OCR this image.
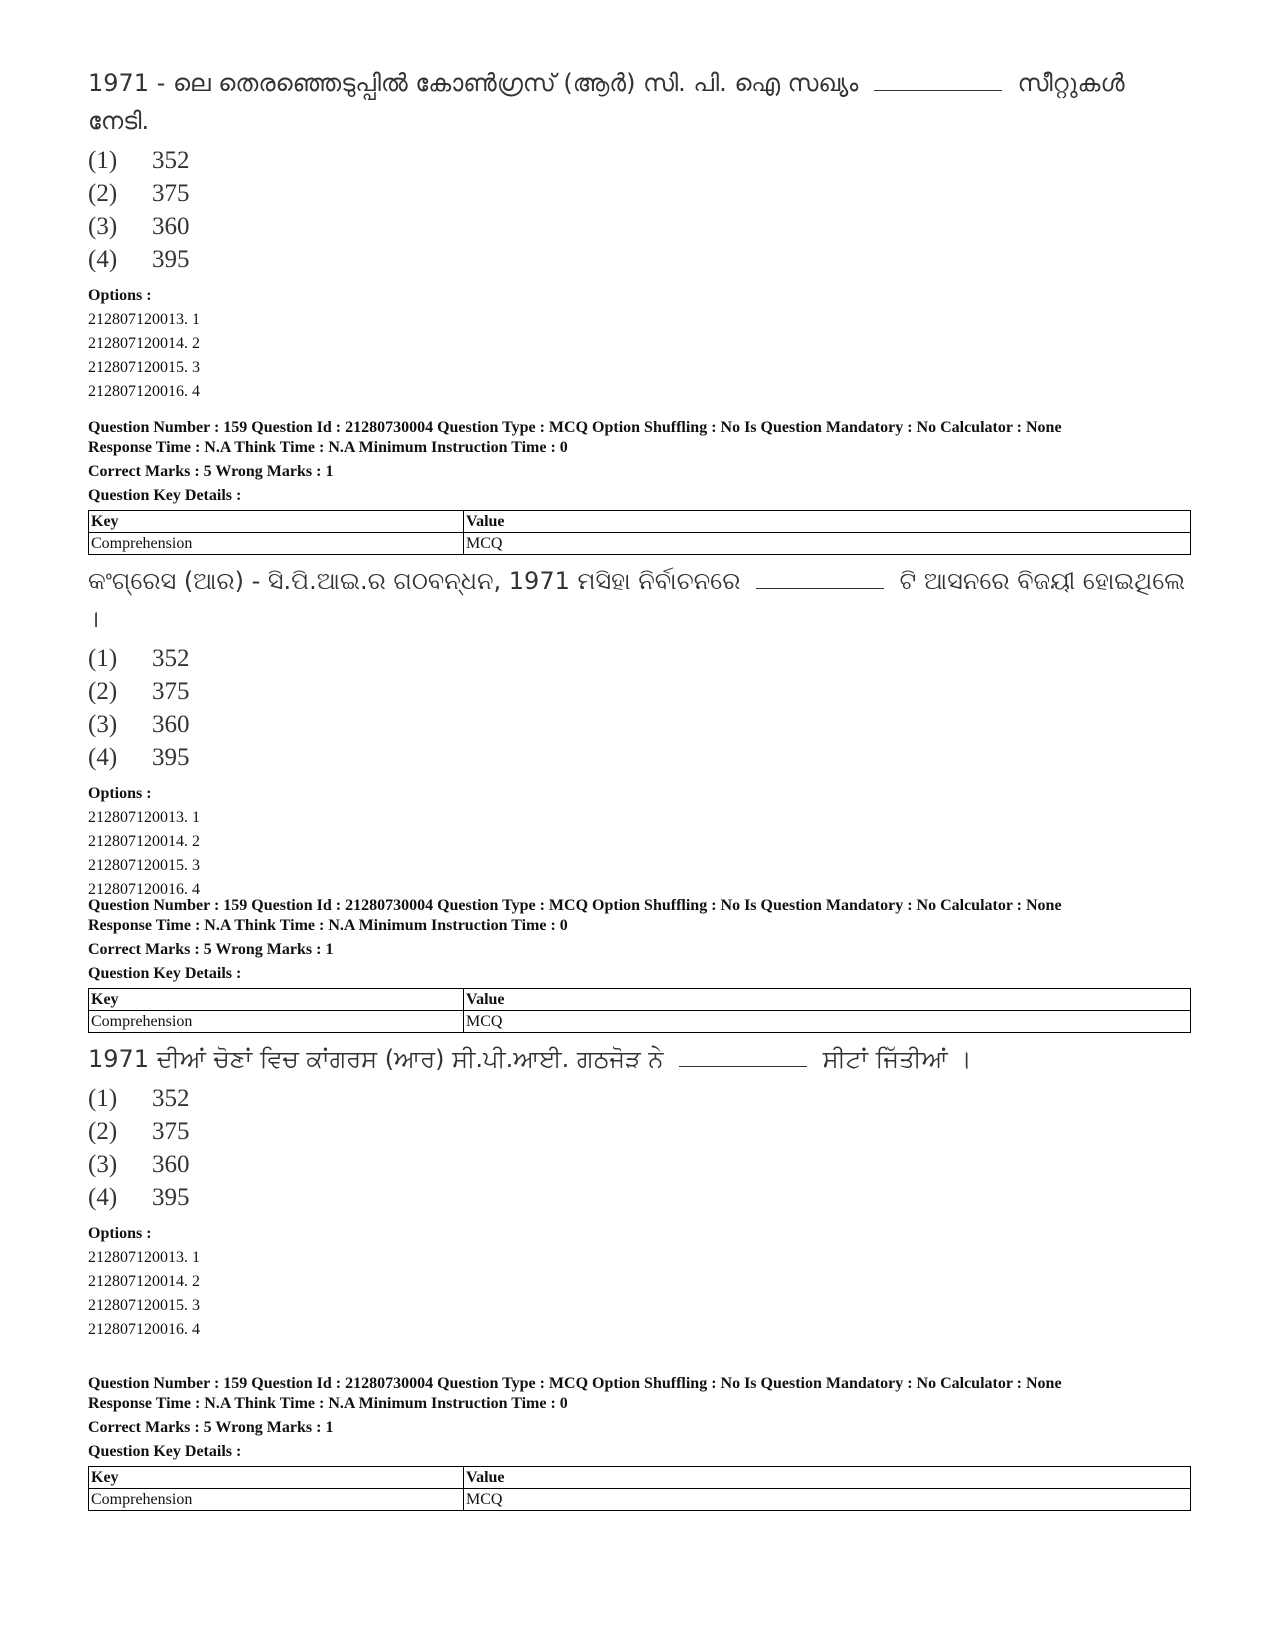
1971 - ലെ തെരഞ്ഞെടുപ്പിൽ കോൺഗ്രസ് (ആർ) സി. പി. ഐ സഖ്യം	സീറ്റുകൾ നേടി.
(1) 352
(2) 375
(3) 360
(4) 395
Options :
212807120013. 1
212807120014. 2
212807120015. 3
212807120016. 4
Question Number : 159 Question Id : 21280730004 Question Type : MCQ Option Shuffling : No Is Question Mandatory : No Calculator : None
Response Time : N.A Think Time : N.A Minimum Instruction Time : 0
Correct Marks : 5 Wrong Marks : 1
Question Key Details :
Key	Value
Comprehension	MCQ
କଂଗ୍ରେସ (ଆର) - ସି.ପି.ଆଇ.ର ଗଠବନ୍ଧନ, 1971 ମସିହା ନିର୍ବାଚନରେ	ଟି ଆସନରେ ବିଜୟୀ ହୋଇଥିଲେ ।
(1) 352
(2) 375
(3) 360
(4) 395
Options :
212807120013. 1
212807120014. 2
212807120015. 3
212807120016. 4
Question Number : 159 Question Id : 21280730004 Question Type : MCQ Option Shuffling : No Is Question Mandatory : No Calculator : None
Response Time : N.A Think Time : N.A Minimum Instruction Time : 0
Correct Marks : 5 Wrong Marks : 1
Question Key Details :
Key	Value
Comprehension	MCQ
1971 ਦੀਆਂ ਚੋਣਾਂ ਵਿਚ ਕਾਂਗਰਸ (ਆਰ) ਸੀ.ਪੀ.ਆਈ. ਗਠਜੋੜ ਨੇ	ਸੀਟਾਂ ਜਿੱਤੀਆਂ ।
(1) 352
(2) 375
(3) 360
(4) 395
Options :
212807120013. 1
212807120014. 2
212807120015. 3
212807120016. 4
Question Number : 159 Question Id : 21280730004 Question Type : MCQ Option Shuffling : No Is Question Mandatory : No Calculator : None
Response Time : N.A Think Time : N.A Minimum Instruction Time : 0
Correct Marks : 5 Wrong Marks : 1
Question Key Details :
Key	Value
Comprehension	MCQ
